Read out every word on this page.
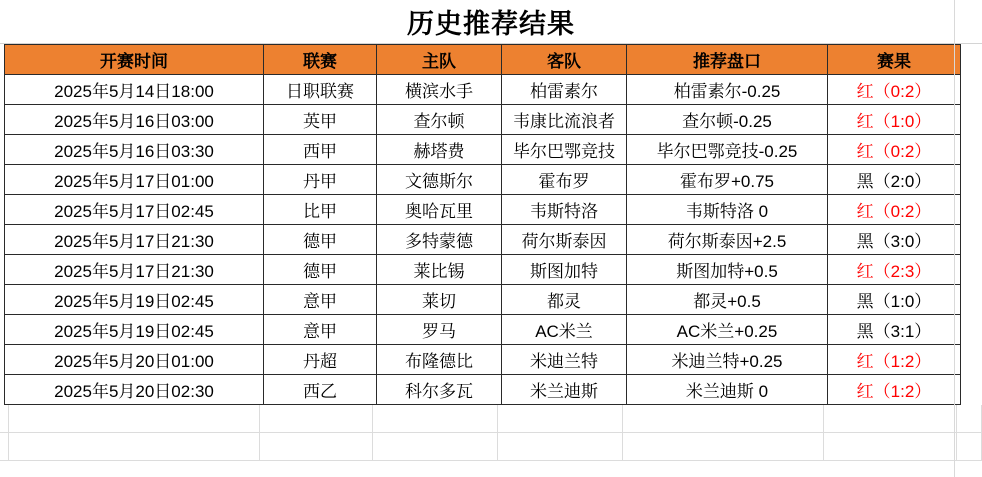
历史推荐结果
开赛时间	联赛	主队	客队	推荐盘口	赛果
2025年5月14日18:00	日职联赛	横滨水手	柏雷素尔	柏雷素尔-0.25	红（0:2）
2025年5月16日03:00	英甲	查尔顿	韦康比流浪者	查尔顿-0.25	红（1:0）
2025年5月16日03:30	西甲	赫塔费	毕尔巴鄂竞技	毕尔巴鄂竞技-0.25	红（0:2）
2025年5月17日01:00	丹甲	文德斯尔	霍布罗	霍布罗+0.75	黑（2:0）
2025年5月17日02:45	比甲	奥哈瓦里	韦斯特洛	韦斯特洛 0	红（0:2）
2025年5月17日21:30	德甲	多特蒙德	荷尔斯泰因	荷尔斯泰因+2.5	黑（3:0）
2025年5月17日21:30	德甲	莱比锡	斯图加特	斯图加特+0.5	红（2:3）
2025年5月19日02:45	意甲	莱切	都灵	都灵+0.5	黑（1:0）
2025年5月19日02:45	意甲	罗马	AC米兰	AC米兰+0.25	黑（3:1）
2025年5月20日01:00	丹超	布隆德比	米迪兰特	米迪兰特+0.25	红（1:2）
2025年5月20日02:30	西乙	科尔多瓦	米兰迪斯	米兰迪斯 0	红（1:2）
